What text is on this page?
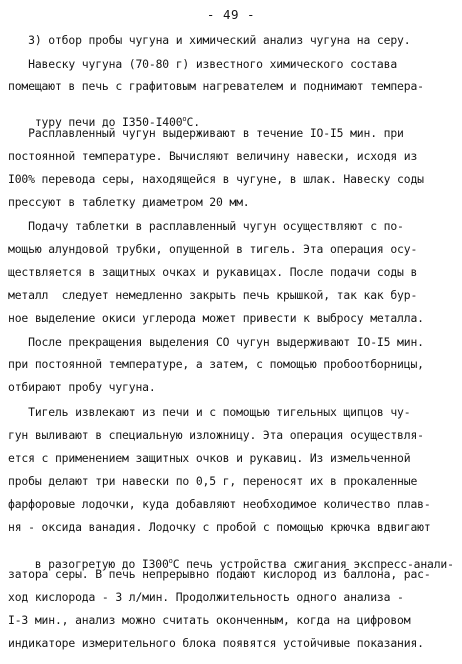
- 49 -
3) отбор пробы чугуна и химический анализ чугуна на серу.
Навеску чугуна (70-80 г) известного химического состава
помещают в печь с графитовым нагревателем и поднимают темпера-

туру печи до I350-I400$^o$C.

Расплавленный чугун выдерживают в течение IO-I5 мин. при
постоянной температуре. Вычисляют величину навески, исходя из
I00% перевода серы, находящейся в чугуне, в шлак. Навеску соды
прессуют в таблетку диаметром 20 мм.
Подачу таблетки в расплавленный чугун осуществляют с по-
мощью алундовой трубки, опущенной в тигель. Эта операция осу-
ществляется в защитных очках и рукавицах. После подачи соды в
металл  следует немедленно закрыть печь крышкой, так как бур-
ное выделение окиси углерода может привести к выбросу металла.
После прекращения выделения CO чугун выдерживают IO-I5 мин.
при постоянной температуре, а затем, с помощью пробоотборницы,
отбирают пробу чугуна.
Тигель извлекают из печи и с помощью тигельных щипцов чу-
гун выливают в специальную изложницу. Эта операция осуществля-
ется с применением защитных очков и рукавиц. Из измельченной
пробы делают три навески по 0,5 г, переносят их в прокаленные
фарфоровые лодочки, куда добавляют необходимое количество плав-
ня - оксида ванадия. Лодочку с пробой с помощью крючка вдвигают

в разогретую до I300$^o$C печь устройства сжигания экспресс-анали-

затора серы. В печь непрерывно подают кислород из баллона, рас-
ход кислорода - 3 л/мин. Продолжительность одного анализа -
I-3 мин., анализ можно считать оконченным, когда на цифровом
индикаторе измерительного блока появятся устойчивые показания.
